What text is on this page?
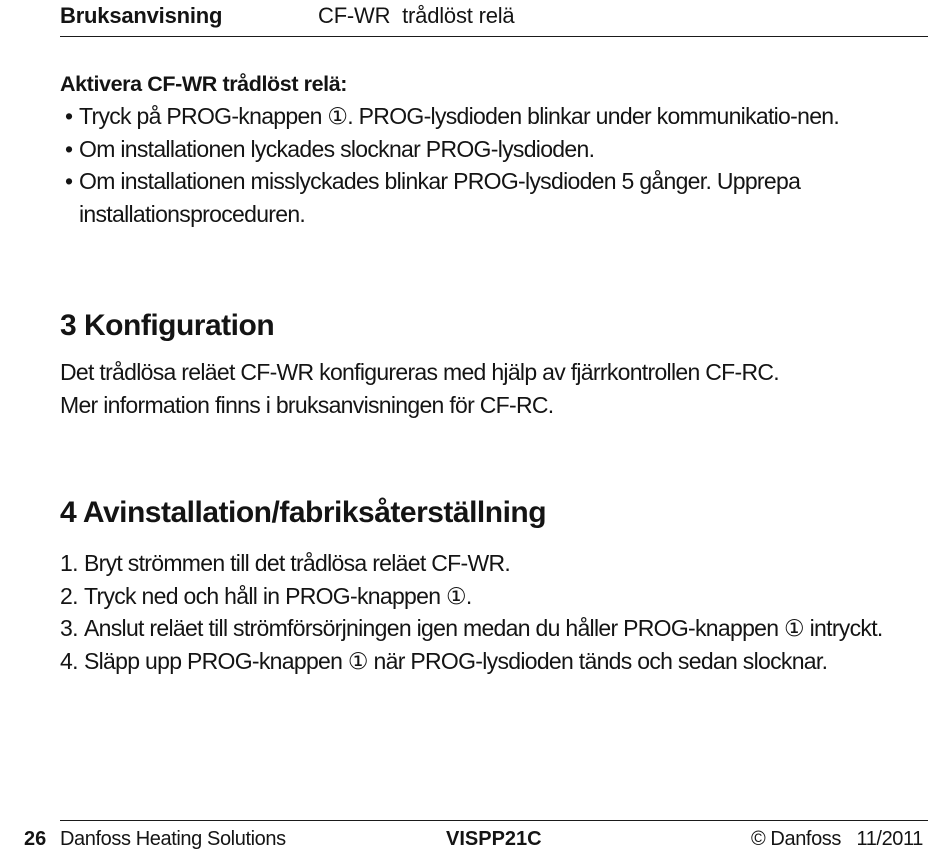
Bruksanvisning	CF-WR  trådlöst relä
Aktivera CF-WR trådlöst relä:
• Tryck på PROG-knappen ①. PROG-lysdioden blinkar under kommunikatio-nen.
• Om installationen lyckades slocknar PROG-lysdioden.
• Om installationen misslyckades blinkar PROG-lysdioden 5 gånger. Upprepa installationsproceduren.
3 Konfiguration

Det trådlösa reläet CF-WR konfigureras med hjälp av fjärrkontrollen CF-RC.

Mer information finns i bruksanvisningen för CF-RC.

4 Avinstallation/fabriksåterställning
1. Bryt strömmen till det trådlösa reläet CF-WR.
2. Tryck ned och håll in PROG-knappen ①.
3. Anslut reläet till strömförsörjningen igen medan du håller PROG-knappen ① intryckt.
4. Släpp upp PROG-knappen ① när PROG-lysdioden tänds och sedan slocknar.
26 Danfoss Heating Solutions	VISPP21C	© Danfoss   11/2011
